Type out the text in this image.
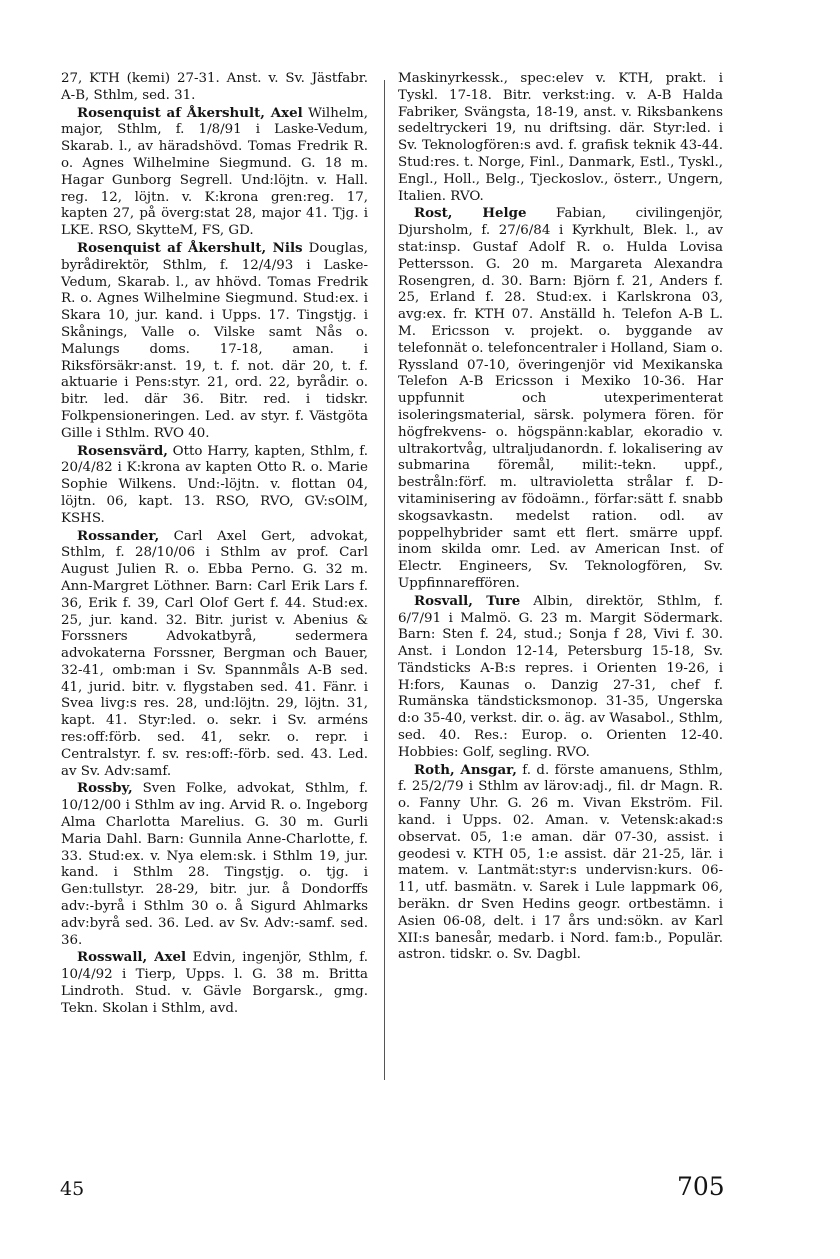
27, KTH (kemi) 27-31. Anst. v. Sv. Jästfabr. A-B, Sthlm, sed. 31.

Rosenquist af Åkershult, Axel Wilhelm, major, Sthlm, f. 1/8/91 i Laske-Vedum, Skarab. l., av häradshövd. Tomas Fredrik R. o. Agnes Wilhelmine Siegmund. G. 18 m. Hagar Gunborg Segrell. Und:löjtn. v. Hall. reg. 12, löjtn. v. K:krona gren:reg. 17, kapten 27, på överg:stat 28, major 41. Tjg. i LKE. RSO, SkytteM, FS, GD.

Rosenquist af Åkershult, Nils Douglas, byrådirektör, Sthlm, f. 12/4/93 i Laske-Vedum, Skarab. l., av hhövd. Tomas Fredrik R. o. Agnes Wilhelmine Siegmund. Stud:ex. i Skara 10, jur. kand. i Upps. 17. Tingstjg. i Skånings, Valle o. Vilske samt Nås o. Malungs doms. 17-18, aman. i Riksförsäkr:anst. 19, t. f. not. där 20, t. f. aktuarie i Pens:styr. 21, ord. 22, byrådir. o. bitr. led. där 36. Bitr. red. i tidskr. Folkpensioneringen. Led. av styr. f. Västgöta Gille i Sthlm. RVO 40.

Rosensvärd, Otto Harry, kapten, Sthlm, f. 20/4/82 i K:krona av kapten Otto R. o. Marie Sophie Wilkens. Und:-löjtn. v. flottan 04, löjtn. 06, kapt. 13. RSO, RVO, GV:sOlM, KSHS.

Rossander, Carl Axel Gert, advokat, Sthlm, f. 28/10/06 i Sthlm av prof. Carl August Julien R. o. Ebba Perno. G. 32 m. Ann-Margret Löthner. Barn: Carl Erik Lars f. 36, Erik f. 39, Carl Olof Gert f. 44. Stud:ex. 25, jur. kand. 32. Bitr. jurist v. Abenius & Forssners Advokatbyrå, sedermera advokaterna Forssner, Bergman och Bauer, 32-41, omb:man i Sv. Spannmåls A-B sed. 41, jurid. bitr. v. flygstaben sed. 41. Fänr. i Svea livg:s res. 28, und:löjtn. 29, löjtn. 31, kapt. 41. Styr:led. o. sekr. i Sv. arméns res:off:förb. sed. 41, sekr. o. repr. i Centralstyr. f. sv. res:off:-förb. sed. 43. Led. av Sv. Adv:samf.

Rossby, Sven Folke, advokat, Sthlm, f. 10/12/00 i Sthlm av ing. Arvid R. o. Ingeborg Alma Charlotta Marelius. G. 30 m. Gurli Maria Dahl. Barn: Gunnila Anne-Charlotte, f. 33. Stud:ex. v. Nya elem:sk. i Sthlm 19, jur. kand. i Sthlm 28. Tingstjg. o. tjg. i Gen:tullstyr. 28-29, bitr. jur. å Dondorffs adv:-byrå i Sthlm 30 o. å Sigurd Ahlmarks adv:byrå sed. 36. Led. av Sv. Adv:-samf. sed. 36.

Rosswall, Axel Edvin, ingenjör, Sthlm, f. 10/4/92 i Tierp, Upps. l. G. 38 m. Britta Lindroth. Stud. v. Gävle Borgarsk., gmg. Tekn. Skolan i Sthlm, avd.

Maskinyrkessk., spec:elev v. KTH, prakt. i Tyskl. 17-18. Bitr. verkst:ing. v. A-B Halda Fabriker, Svängsta, 18-19, anst. v. Riksbankens sedeltryckeri 19, nu driftsing. där. Styr:led. i Sv. Teknologfören:s avd. f. grafisk teknik 43-44. Stud:res. t. Norge, Finl., Danmark, Estl., Tyskl., Engl., Holl., Belg., Tjeckoslov., österr., Ungern, Italien. RVO.

Rost, Helge Fabian, civilingenjör, Djursholm, f. 27/6/84 i Kyrkhult, Blek. l., av stat:insp. Gustaf Adolf R. o. Hulda Lovisa Pettersson. G. 20 m. Margareta Alexandra Rosengren, d. 30. Barn: Björn f. 21, Anders f. 25, Erland f. 28. Stud:ex. i Karlskrona 03, avg:ex. fr. KTH 07. Anställd h. Telefon A-B L. M. Ericsson v. projekt. o. byggande av telefonnät o. telefoncentraler i Holland, Siam o. Ryssland 07-10, överingenjör vid Mexikanska Telefon A-B Ericsson i Mexiko 10-36. Har uppfunnit och utexperimenterat isoleringsmaterial, särsk. polymera fören. för högfrekvens- o. högspänn:kablar, ekoradio v. ultrakortvåg, ultraljudanordn. f. lokalisering av submarina föremål, milit:-tekn. uppf., bestråln:förf. m. ultravioletta strålar f. D-vitaminisering av födoämn., förfar:sätt f. snabb skogsavkastn. medelst ration. odl. av poppelhybrider samt ett flert. smärre uppf. inom skilda omr. Led. av American Inst. of Electr. Engineers, Sv. Teknologfören, Sv. Uppfinnareffören.

Rosvall, Ture Albin, direktör, Sthlm, f. 6/7/91 i Malmö. G. 23 m. Margit Södermark. Barn: Sten f. 24, stud.; Sonja f 28, Vivi f. 30. Anst. i London 12-14, Petersburg 15-18, Sv. Tändsticks A-B:s repres. i Orienten 19-26, i H:fors, Kaunas o. Danzig 27-31, chef f. Rumänska tändsticksmonop. 31-35, Ungerska d:o 35-40, verkst. dir. o. äg. av Wasabol., Sthlm, sed. 40. Res.: Europ. o. Orienten 12-40. Hobbies: Golf, segling. RVO.

Roth, Ansgar, f. d. förste amanuens, Sthlm, f. 25/2/79 i Sthlm av lärov:adj., fil. dr Magn. R. o. Fanny Uhr. G. 26 m. Vivan Ekström. Fil. kand. i Upps. 02. Aman. v. Vetensk:akad:s observat. 05, 1:e aman. där 07-30, assist. i geodesi v. KTH 05, 1:e assist. där 21-25, lär. i matem. v. Lantmät:styr:s undervisn:kurs. 06-11, utf. basmätn. v. Sarek i Lule lappmark 06, beräkn. dr Sven Hedins geogr. ortbestämn. i Asien 06-08, delt. i 17 års und:sökn. av Karl XII:s banesår, medarb. i Nord. fam:b., Populär. astron. tidskr. o. Sv. Dagbl.

45	705
